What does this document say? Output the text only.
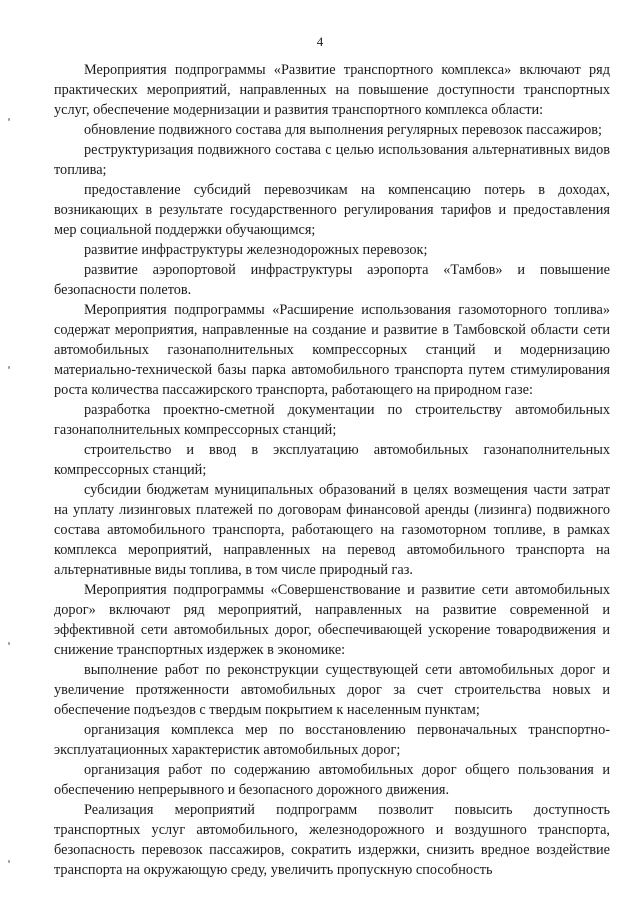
4

Мероприятия подпрограммы «Развитие транспортного комплекса» включают ряд практических мероприятий, направленных на повышение доступности транспортных услуг, обеспечение модернизации и развития транспортного комплекса области:

обновление подвижного состава для выполнения регулярных перевозок пассажиров;

реструктуризация подвижного состава с целью использования альтернативных видов топлива;

предоставление субсидий перевозчикам на компенсацию потерь в доходах, возникающих в результате государственного регулирования тарифов и предоставления мер социальной поддержки обучающимся;

развитие инфраструктуры железнодорожных перевозок;

развитие аэропортовой инфраструктуры аэропорта «Тамбов» и повышение безопасности полетов.

Мероприятия подпрограммы «Расширение использования газомоторного топлива» содержат мероприятия, направленные на создание и развитие в Тамбовской области сети автомобильных газонаполнительных компрессорных станций и модернизацию материально-технической базы парка автомобильного транспорта путем стимулирования роста количества пассажирского транспорта, работающего на природном газе:

разработка проектно-сметной документации по строительству автомобильных газонаполнительных компрессорных станций;

строительство и ввод в эксплуатацию автомобильных газонаполнительных компрессорных станций;

субсидии бюджетам муниципальных образований в целях возмещения части затрат на уплату лизинговых платежей по договорам финансовой аренды (лизинга) подвижного состава автомобильного транспорта, работающего на газомоторном топливе, в рамках комплекса мероприятий, направленных на перевод автомобильного транспорта на альтернативные виды топлива, в том числе природный газ.

Мероприятия подпрограммы «Совершенствование и развитие сети автомобильных дорог» включают ряд мероприятий, направленных на развитие современной и эффективной сети автомобильных дорог, обеспечивающей ускорение товародвижения и снижение транспортных издержек в экономике:

выполнение работ по реконструкции существующей сети автомобильных дорог и увеличение протяженности автомобильных дорог за счет строительства новых и обеспечение подъездов с твердым покрытием к населенным пунктам;

организация комплекса мер по восстановлению первоначальных транспортно-эксплуатационных характеристик автомобильных дорог;

организация работ по содержанию автомобильных дорог общего пользования и обеспечению непрерывного и безопасного дорожного движения.

Реализация мероприятий подпрограмм позволит повысить доступность транспортных услуг автомобильного, железнодорожного и воздушного транспорта, безопасность перевозок пассажиров, сократить издержки, снизить вредное воздействие транспорта на окружающую среду, увеличить пропускную способность
